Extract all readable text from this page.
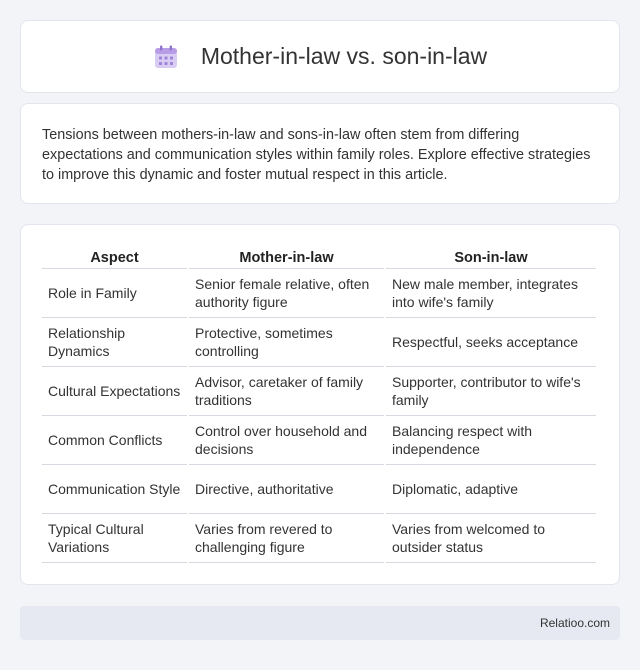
Mother-in-law vs. son-in-law

Tensions between mothers-in-law and sons-in-law often stem from differing expectations and communication styles within family roles. Explore effective strategies to improve this dynamic and foster mutual respect in this article.

Aspect	Mother-in-law	Son-in-law
Role in Family	Senior female relative, often authority figure	New male member, integrates into wife's family
Relationship Dynamics	Protective, sometimes controlling	Respectful, seeks acceptance
Cultural Expectations	Advisor, caretaker of family traditions	Supporter, contributor to wife's family
Common Conflicts	Control over household and decisions	Balancing respect with independence
Communication Style	Directive, authoritative	Diplomatic, adaptive
Typical Cultural Variations	Varies from revered to challenging figure	Varies from welcomed to outsider status
Relatioo.com
